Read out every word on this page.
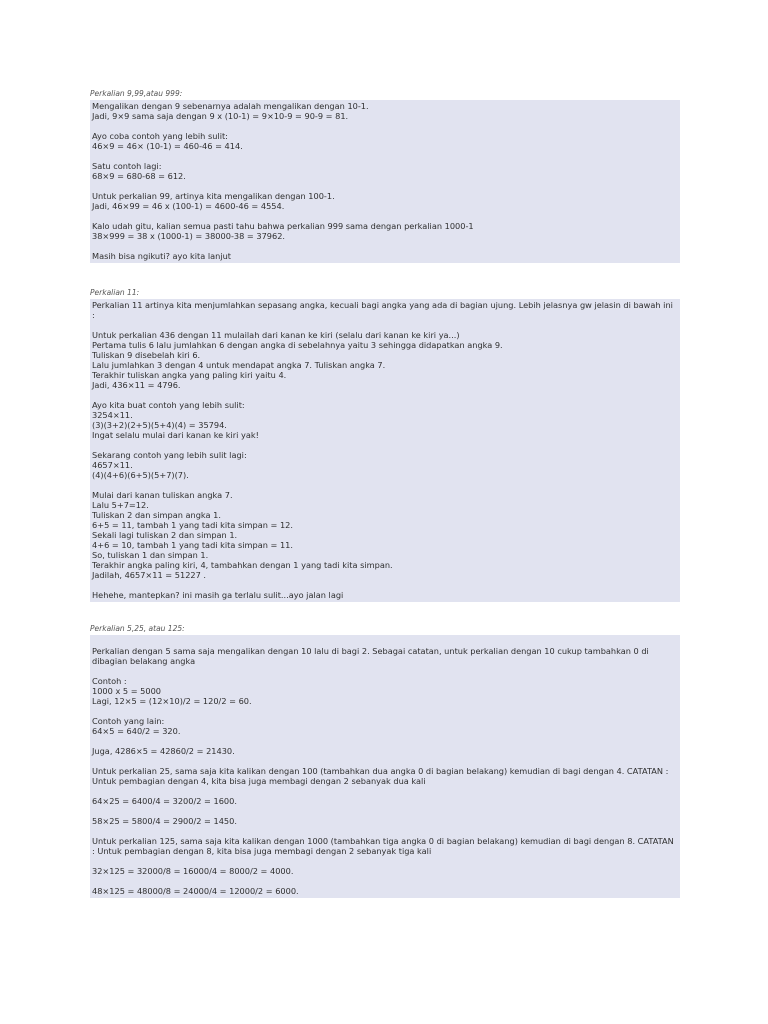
Perkalian 9,99,atau 999:
Mengalikan dengan 9 sebenarnya adalah mengalikan dengan 10-1.
Jadi, 9×9 sama saja dengan 9 x (10-1) = 9×10-9 = 90-9 = 81.
Ayo coba contoh yang lebih sulit:
46×9 = 46× (10-1) = 460-46 = 414.
Satu contoh lagi:
68×9 = 680-68 = 612.
Untuk perkalian 99, artinya kita mengalikan dengan 100-1.
Jadi, 46×99 = 46 x (100-1) = 4600-46 = 4554.
Kalo udah gitu, kalian semua pasti tahu bahwa perkalian 999 sama dengan perkalian 1000-1
38×999 = 38 x (1000-1) = 38000-38 = 37962.
Masih bisa ngikuti? ayo kita lanjut
Perkalian 11:
Perkalian 11 artinya kita menjumlahkan sepasang angka, kecuali bagi angka yang ada di bagian ujung. Lebih jelasnya gw jelasin di bawah ini :
Untuk perkalian 436 dengan 11 mulailah dari kanan ke kiri (selalu dari kanan ke kiri ya...)
Pertama tulis 6 lalu jumlahkan 6 dengan angka di sebelahnya yaitu 3 sehingga didapatkan angka 9.
Tuliskan 9 disebelah kiri 6.
Lalu jumlahkan 3 dengan 4 untuk mendapat angka 7. Tuliskan angka 7.
Terakhir tuliskan angka yang paling kiri yaitu 4.
Jadi, 436×11 = 4796.
Ayo kita buat contoh yang lebih sulit:
3254×11.
(3)(3+2)(2+5)(5+4)(4) = 35794.
Ingat selalu mulai dari kanan ke kiri yak!
Sekarang contoh yang lebih sulit lagi:
4657×11.
(4)(4+6)(6+5)(5+7)(7).
Mulai dari kanan tuliskan angka 7.
Lalu 5+7=12.
Tuliskan 2 dan simpan angka 1.
6+5 = 11, tambah 1 yang tadi kita simpan = 12.
Sekali lagi tuliskan 2 dan simpan 1.
4+6 = 10, tambah 1 yang tadi kita simpan = 11.
So, tuliskan 1 dan simpan 1.
Terakhir angka paling kiri, 4, tambahkan dengan 1 yang tadi kita simpan.
Jadilah, 4657×11 = 51227 .
Hehehe, mantepkan? ini masih ga terlalu sulit...ayo jalan lagi
Perkalian 5,25, atau 125:
Perkalian dengan 5 sama saja mengalikan dengan 10 lalu di bagi 2. Sebagai catatan, untuk perkalian dengan 10 cukup tambahkan 0 di dibagian belakang angka
Contoh :
1000 x 5 = 5000
Lagi, 12×5 = (12×10)/2 = 120/2 = 60.
Contoh yang lain:
64×5 = 640/2 = 320.
Juga, 4286×5 = 42860/2 = 21430.
Untuk perkalian 25, sama saja kita kalikan dengan 100 (tambahkan dua angka 0 di bagian belakang) kemudian di bagi dengan 4. CATATAN : Untuk pembagian dengan 4, kita bisa juga membagi dengan 2 sebanyak dua kali
64×25 = 6400/4 = 3200/2 = 1600.
58×25 = 5800/4 = 2900/2 = 1450.
Untuk perkalian 125, sama saja kita kalikan dengan 1000 (tambahkan tiga angka 0 di bagian belakang) kemudian di bagi dengan 8. CATATAN : Untuk pembagian dengan 8, kita bisa juga membagi dengan 2 sebanyak tiga kali
32×125 = 32000/8 = 16000/4 = 8000/2 = 4000.
48×125 = 48000/8 = 24000/4 = 12000/2 = 6000.
